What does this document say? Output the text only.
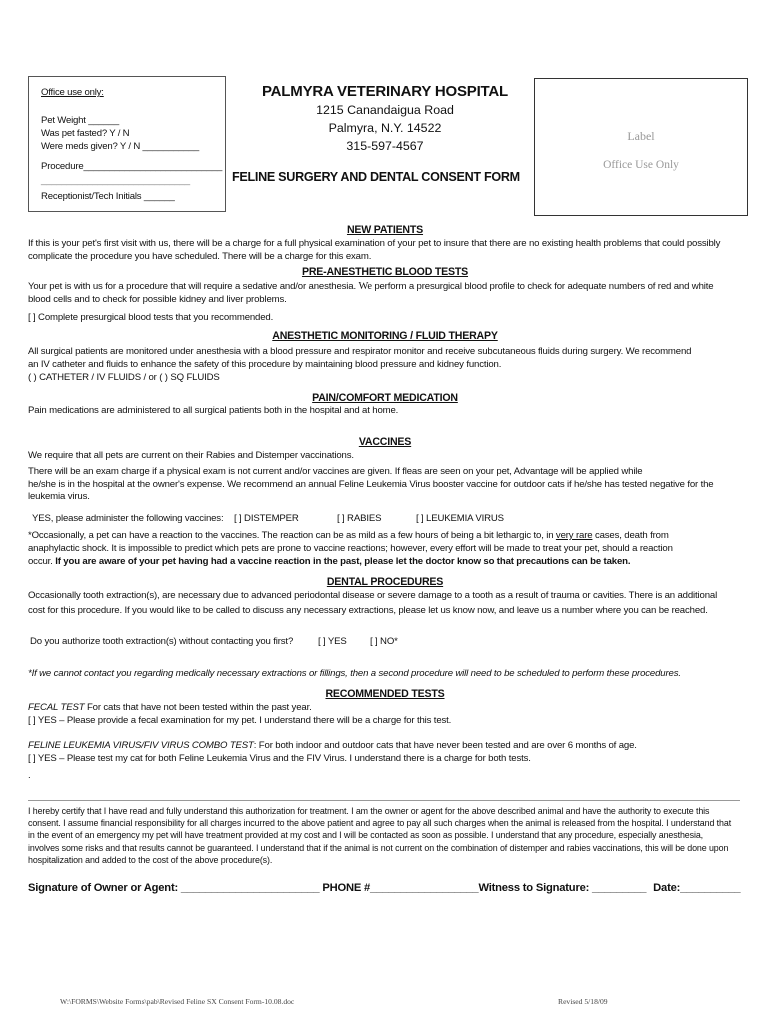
Office use only:
Pet Weight ______
Was pet fasted? Y / N
Were meds given? Y / N ___________
Procedure___________________________
_____________________________
Receptionist/Tech Initials ______
PALMYRA VETERINARY HOSPITAL
1215 Canandaigua Road
Palmyra, N.Y. 14522
315-597-4567
FELINE SURGERY AND DENTAL CONSENT FORM
Label
Office Use Only
NEW PATIENTS
If this is your pet's first visit with us, there will be a charge for a full physical examination of your pet to insure that there are no existing health problems that could possibly
complicate the procedure you have scheduled. There will be a charge for this exam.
PRE-ANESTHETIC BLOOD TESTS
Your pet is with us for a procedure that will require a sedative and/or anesthesia. We perform a presurgical blood profile to check for adequate numbers of red and white
blood cells and to check for possible kidney and liver problems.
[ ] Complete presurgical blood tests that you recommended.
ANESTHETIC MONITORING / FLUID THERAPY
All surgical patients are monitored under anesthesia with a blood pressure and respirator monitor and receive subcutaneous fluids during surgery. We recommend
an IV catheter and fluids to enhance the safety of this procedure by maintaining blood pressure and kidney function.
( ) CATHETER / IV FLUIDS / or ( ) SQ FLUIDS
PAIN/COMFORT MEDICATION
Pain medications are administered to all surgical patients both in the hospital and at home.
VACCINES
We require that all pets are current on their Rabies and Distemper vaccinations.
There will be an exam charge if a physical exam is not current and/or vaccines are given. If fleas are seen on your pet, Advantage will be applied while
he/she is in the hospital at the owner's expense. We recommend an annual Feline Leukemia Virus booster vaccine for outdoor cats if he/she has tested negative for the
leukemia virus.
YES, please administer the following vaccines: [ ] DISTEMPER	[ ] RABIES	[ ] LEUKEMIA VIRUS
*Occasionally, a pet can have a reaction to the vaccines. The reaction can be as mild as a few hours of being a bit lethargic to, in very rare cases, death from
anaphylactic shock. It is impossible to predict which pets are prone to vaccine reactions; however, every effort will be made to treat your pet, should a reaction
occur. If you are aware of your pet having had a vaccine reaction in the past, please let the doctor know so that precautions can be taken.
DENTAL PROCEDURES
Occasionally tooth extraction(s), are necessary due to advanced periodontal disease or severe damage to a tooth as a result of trauma or cavities. There is an additional
cost for this procedure. If you would like to be called to discuss any necessary extractions, please let us know now, and leave us a number where you can be reached.
Do you authorize tooth extraction(s) without contacting you first?	[ ] YES [ ] NO*
*If we cannot contact you regarding medically necessary extractions or fillings, then a second procedure will need to be scheduled to perform these procedures.
RECOMMENDED TESTS
FECAL TEST For cats that have not been tested within the past year.
[ ] YES – Please provide a fecal examination for my pet. I understand there will be a charge for this test.
FELINE LEUKEMIA VIRUS/FIV VIRUS COMBO TEST: For both indoor and outdoor cats that have never been tested and are over 6 months of age.
[ ] YES – Please test my cat for both Feline Leukemia Virus and the FIV Virus. I understand there is a charge for both tests.
.
I hereby certify that I have read and fully understand this authorization for treatment. I am the owner or agent for the above described animal and have the authority to execute this
consent. I assume financial responsibility for all charges incurred to the above patient and agree to pay all such charges when the animal is released from the hospital. I understand that
in the event of an emergency my pet will have treatment provided at my cost and I will be contacted as soon as possible. I understand that any procedure, especially anesthesia,
involves some risks and that results cannot be guaranteed. I understand that if the animal is not current on the combination of distemper and rabies vaccinations, this will be done upon
hospitalization and added to the cost of the above procedure(s).
Signature of Owner or Agent: _______________________ PHONE #__________________Witness to Signature: _________ Date:__________
W:\FORMS\Website Forms\pab\Revised Feline SX Consent Form-10.08.doc	Revised 5/18/09
